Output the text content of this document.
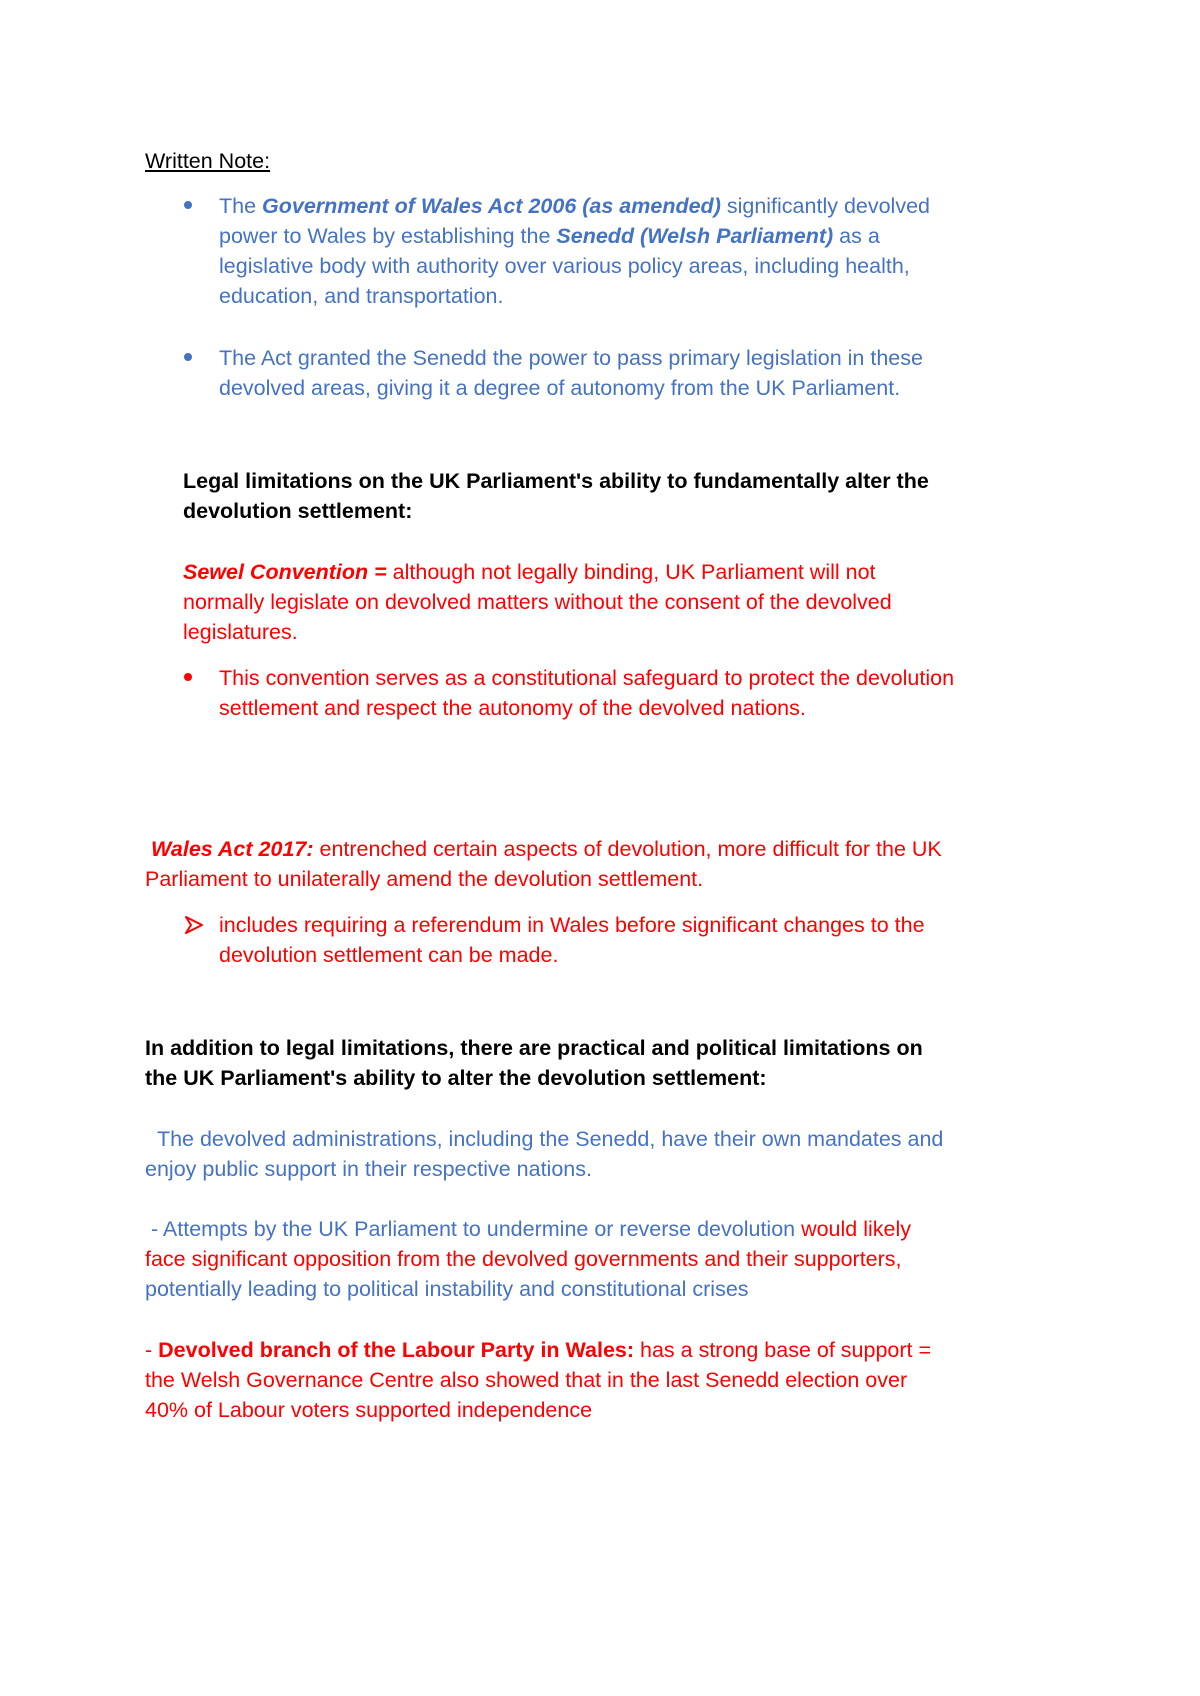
Written Note:
The Government of Wales Act 2006 (as amended) significantly devolved
power to Wales by establishing the Senedd (Welsh Parliament) as a
legislative body with authority over various policy areas, including health,
education, and transportation.
The Act granted the Senedd the power to pass primary legislation in these
devolved areas, giving it a degree of autonomy from the UK Parliament.
Legal limitations on the UK Parliament's ability to fundamentally alter the
devolution settlement:
Sewel Convention = although not legally binding, UK Parliament will not
normally legislate on devolved matters without the consent of the devolved
legislatures.
This convention serves as a constitutional safeguard to protect the devolution
settlement and respect the autonomy of the devolved nations.
Wales Act 2017: entrenched certain aspects of devolution, more difficult for the UK
Parliament to unilaterally amend the devolution settlement.
includes requiring a referendum in Wales before significant changes to the
devolution settlement can be made.
In addition to legal limitations, there are practical and political limitations on
the UK Parliament's ability to alter the devolution settlement:
The devolved administrations, including the Senedd, have their own mandates and
enjoy public support in their respective nations.
- Attempts by the UK Parliament to undermine or reverse devolution would likely
face significant opposition from the devolved governments and their supporters,
potentially leading to political instability and constitutional crises
- Devolved branch of the Labour Party in Wales: has a strong base of support =
the Welsh Governance Centre also showed that in the last Senedd election over
40% of Labour voters supported independence
